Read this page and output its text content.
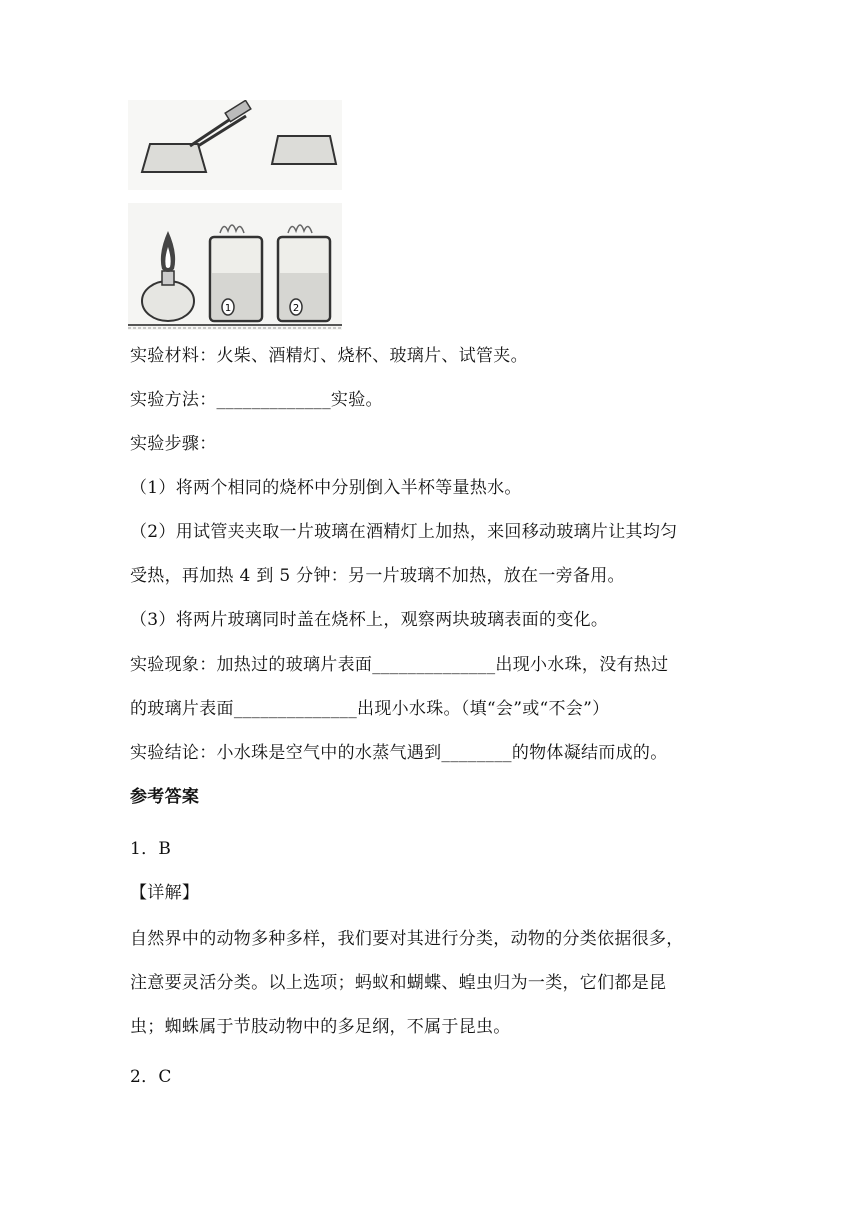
1	2
实验材料：火柴、酒精灯、烧杯、玻璃片、试管夹。
实验方法：_____________实验。
实验步骤：
（1）将两个相同的烧杯中分别倒入半杯等量热水。
（2）用试管夹夹取一片玻璃在酒精灯上加热，来回移动玻璃片让其均匀
受热，再加热 4 到 5 分钟：另一片玻璃不加热，放在一旁备用。
（3）将两片玻璃同时盖在烧杯上，观察两块玻璃表面的变化。
实验现象：加热过的玻璃片表面______________出现小水珠，没有热过
的玻璃片表面______________出现小水珠。（填“会”或“不会”）
实验结论：小水珠是空气中的水蒸气遇到________的物体凝结而成的。
参考答案
1．B
【详解】
自然界中的动物多种多样，我们要对其进行分类，动物的分类依据很多，
注意要灵活分类。以上选项；蚂蚁和蝴蝶、蝗虫归为一类，它们都是昆
虫；蜘蛛属于节肢动物中的多足纲，不属于昆虫。
2．C
